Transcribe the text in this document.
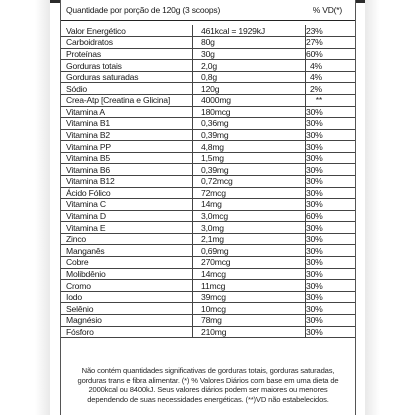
Quantidade por porção de 120g (3 scoops)	% VD(*)
Valor Energético	461kcal = 1929kJ	23%
Carboidratos	80g	27%
Proteínas	30g	60%
Gorduras totais	2,0g	4%
Gorduras saturadas	0,8g	4%
Sódio	120g	2%
Crea-Atp [Creatina e Glicina]	4000mg	**
Vitamina A	180mcg	30%
Vitamina B1	0,36mg	30%
Vitamina B2	0,39mg	30%
Vitamina PP	4,8mg	30%
Vitamina B5	1,5mg	30%
Vitamina B6	0,39mg	30%
Vitamina B12	0,72mcg	30%
Ácido Fólico	72mcg	30%
Vitamina C	14mg	30%
Vitamina D	3,0mcg	60%
Vitamina E	3,0mg	30%
Zinco	2,1mg	30%
Manganês	0,69mg	30%
Cobre	270mcg	30%
Molibdênio	14mcg	30%
Cromo	11mcg	30%
Iodo	39mcg	30%
Selênio	10mcg	30%
Magnésio	78mg	30%
Fósforo	210mg	30%
Não contém quantidades significativas de gorduras totais, gorduras saturadas,
gorduras trans e fibra alimentar. (*) % Valores Diários com base em uma dieta de
2000kcal ou 8400kJ. Seus valores diários podem ser maiores ou menores
dependendo de suas necessidades energéticas. (**)VD não estabelecidos.
